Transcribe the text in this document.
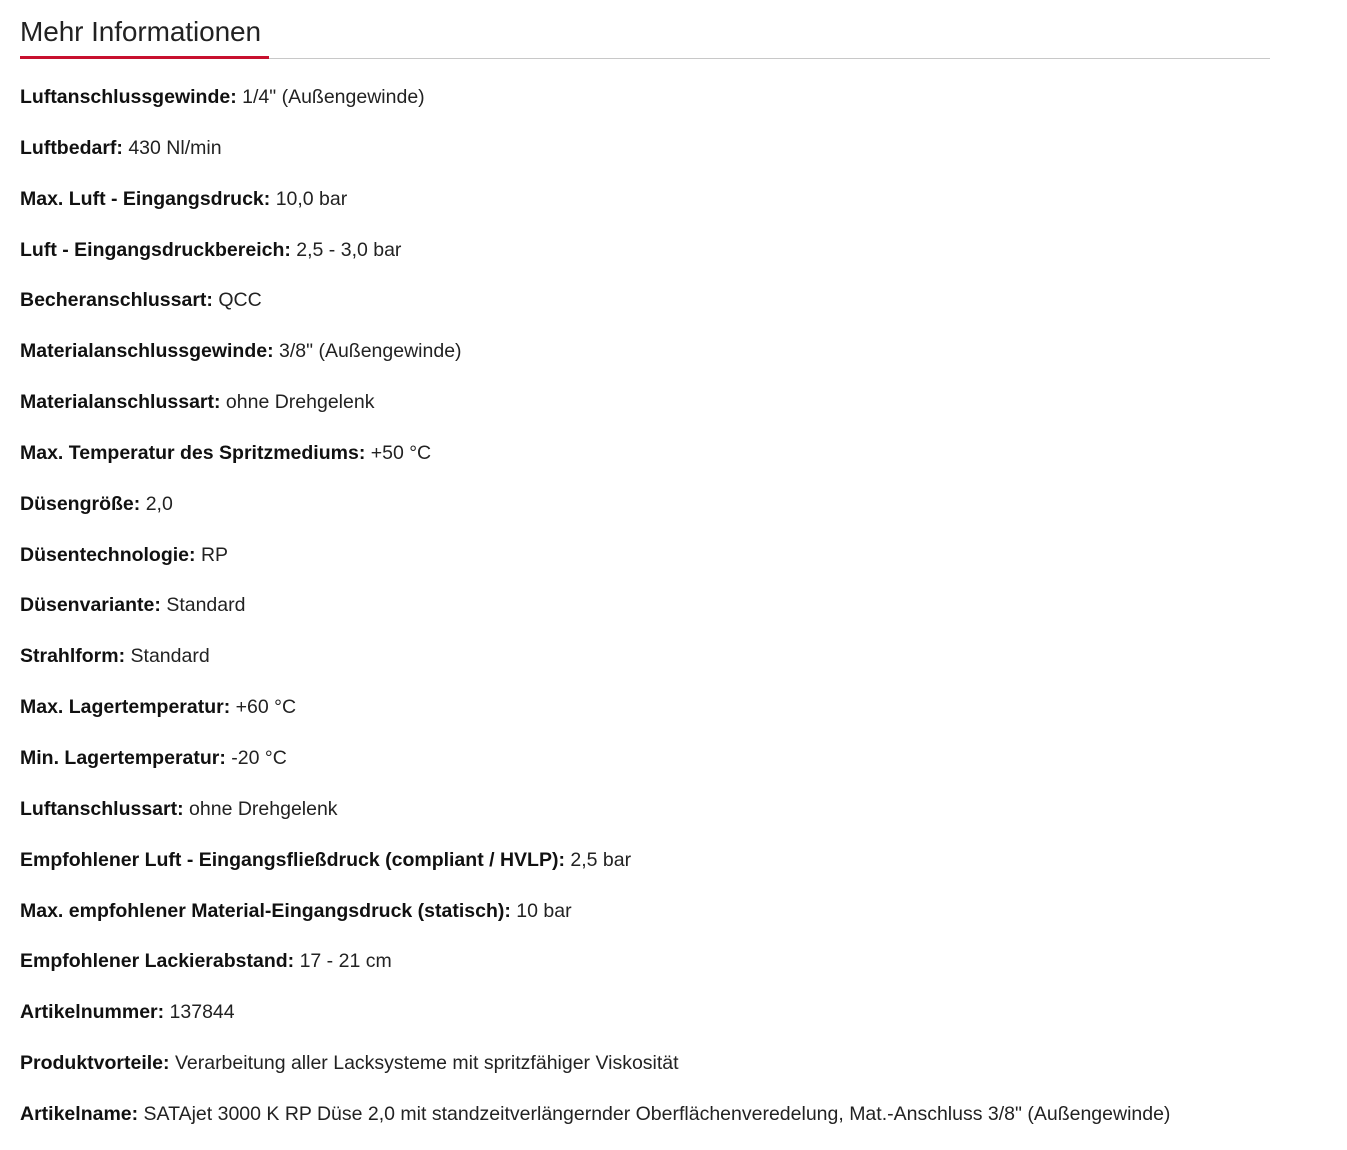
Mehr Informationen
Luftanschlussgewinde: 1/4" (Außengewinde)
Luftbedarf: 430 Nl/min
Max. Luft - Eingangsdruck: 10,0 bar
Luft - Eingangsdruckbereich: 2,5 - 3,0 bar
Becheranschlussart: QCC
Materialanschlussgewinde: 3/8" (Außengewinde)
Materialanschlussart: ohne Drehgelenk
Max. Temperatur des Spritzmediums: +50 °C
Düsengröße: 2,0
Düsentechnologie: RP
Düsenvariante: Standard
Strahlform: Standard
Max. Lagertemperatur: +60 °C
Min. Lagertemperatur: -20 °C
Luftanschlussart: ohne Drehgelenk
Empfohlener Luft - Eingangsfließdruck (compliant / HVLP): 2,5 bar
Max. empfohlener Material-Eingangsdruck (statisch): 10 bar
Empfohlener Lackierabstand: 17 - 21 cm
Artikelnummer: 137844
Produktvorteile: Verarbeitung aller Lacksysteme mit spritzfähiger Viskosität
Artikelname: SATAjet 3000 K RP Düse 2,0 mit standzeitverlängernder Oberflächenveredelung, Mat.-Anschluss 3/8" (Außengewinde)
